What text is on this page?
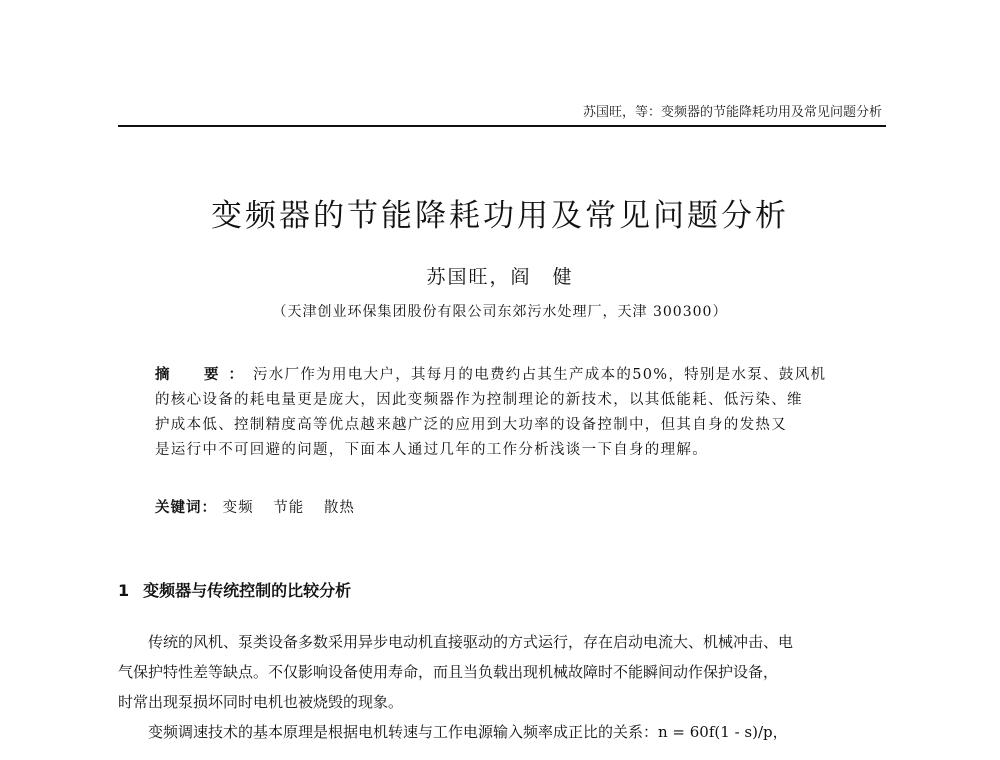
苏国旺，等：变频器的节能降耗功用及常见问题分析
变频器的节能降耗功用及常见问题分析
苏国旺，阎　健
（天津创业环保集团股份有限公司东郊污水处理厂，天津 300300）
摘　要：污水厂作为用电大户，其每月的电费约占其生产成本的50%，特别是水泵、鼓风机
的核心设备的耗电量更是庞大，因此变频器作为控制理论的新技术，以其低能耗、低污染、维
护成本低、控制精度高等优点越来越广泛的应用到大功率的设备控制中，但其自身的发热又
是运行中不可回避的问题，下面本人通过几年的工作分析浅谈一下自身的理解。
关键词： 变频 节能 散热
1 变频器与传统控制的比较分析
传统的风机、泵类设备多数采用异步电动机直接驱动的方式运行，存在启动电流大、机械冲击、电
气保护特性差等缺点。不仅影响设备使用寿命，而且当负载出现机械故障时不能瞬间动作保护设备，
时常出现泵损坏同时电机也被烧毁的现象。
变频调速技术的基本原理是根据电机转速与工作电源输入频率成正比的关系：n = 60f(1 - s)/p，
